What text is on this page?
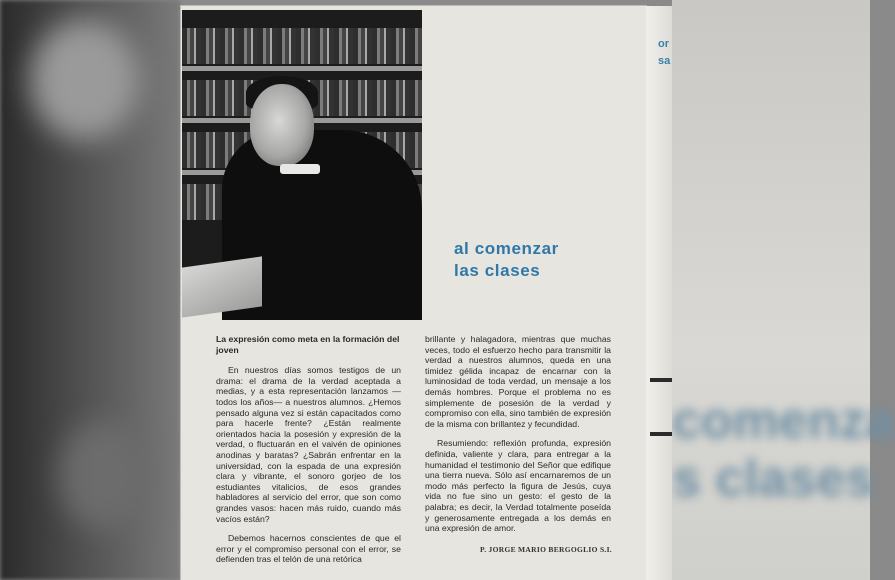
comenza
s clases
or
sa
al comenzar
las clases
La expresión como meta en la formación del joven

En nuestros días somos testigos de un drama: el drama de la verdad aceptada a medias, y a esta representación lanzamos —todos los años— a nuestros alumnos. ¿Hemos pensado alguna vez si están capacitados como para hacerle frente? ¿Están realmente orientados hacia la posesión y expresión de la verdad, o fluctuarán en el vaivén de opiniones anodinas y baratas? ¿Sabrán enfrentar en la universidad, con la espada de una expresión clara y vibrante, el sonoro gorjeo de los estudiantes vitalicios, de esos grandes habladores al servicio del error, que son como grandes vasos: hacen más ruido, cuando más vacíos están?

Debemos hacernos conscientes de que el error y el compromiso personal con el error, se defienden tras el telón de una retórica

brillante y halagadora, mientras que muchas veces, todo el esfuerzo hecho para transmitir la verdad a nuestros alumnos, queda en una timidez gélida incapaz de encarnar con la luminosidad de toda verdad, un mensaje a los demás hombres. Porque el problema no es simplemente de posesión de la verdad y compromiso con ella, sino también de expresión de la misma con brillantez y fecundidad.

Resumiendo: reflexión profunda, expresión definida, valiente y clara, para entregar a la humanidad el testimonio del Señor que edifique una tierra nueva. Sólo así encarnaremos de un modo más perfecto la figura de Jesús, cuya vida no fue sino un gesto: el gesto de la palabra; es decir, la Verdad totalmente poseída y generosamente entregada a los demás en una expresión de amor.

P. JORGE MARIO BERGOGLIO S.I.
